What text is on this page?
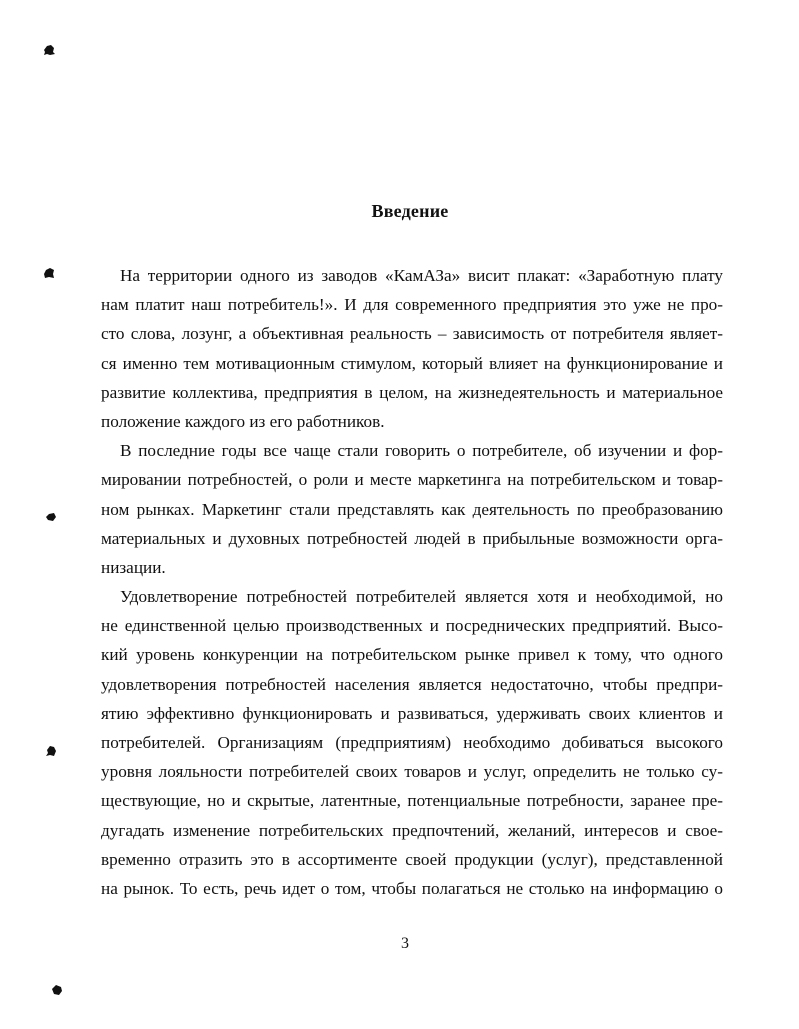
Введение
На территории одного из заводов «КамАЗа» висит плакат: «Заработную плату
нам платит наш потребитель!». И для современного предприятия это уже не про-
сто слова, лозунг, а объективная реальность – зависимость от потребителя являет-
ся именно тем мотивационным стимулом, который влияет на функционирование и
развитие коллектива, предприятия в целом, на жизнедеятельность и материальное
положение каждого из его работников.
В последние годы все чаще стали говорить о потребителе, об изучении и фор-
мировании потребностей, о роли и месте маркетинга на потребительском и товар-
ном рынках. Маркетинг стали представлять как деятельность по преобразованию
материальных и духовных потребностей людей в прибыльные возможности орга-
низации.
Удовлетворение потребностей потребителей является хотя и необходимой, но
не единственной целью производственных и посреднических предприятий. Высо-
кий уровень конкуренции на потребительском рынке привел к тому, что одного
удовлетворения потребностей населения является недостаточно, чтобы предпри-
ятию эффективно функционировать и развиваться, удерживать своих клиентов и
потребителей. Организациям (предприятиям) необходимо добиваться высокого
уровня лояльности потребителей своих товаров и услуг, определить не только су-
ществующие, но и скрытые, латентные, потенциальные потребности, заранее пре-
дугадать изменение потребительских предпочтений, желаний, интересов и свое-
временно отразить это в ассортименте своей продукции (услуг), представленной
на рынок. То есть, речь идет о том, чтобы полагаться не столько на информацию о
3
